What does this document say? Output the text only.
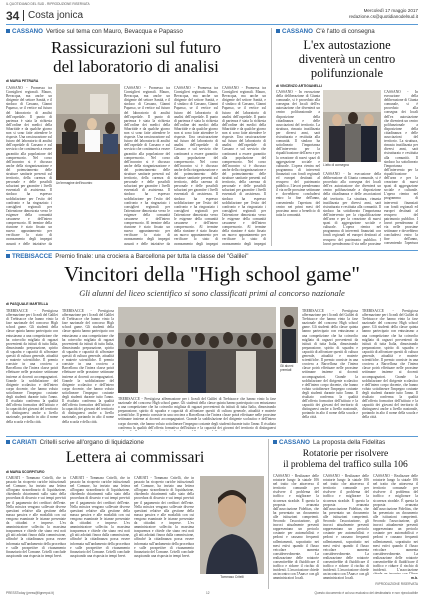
IL QUOTIDIANO DEL SUD - RIPRODUZIONE RISERVATA
34 Costa jonica	Mercoledì 17 maggio 2017
redazione.cs@quotidianodelsud.it
CASSANO Vertice sul tema con Mauro, Bevacqua e Papasso
Rassicurazioni sul futuro
del laboratorio di analisi
di MARIA PETRARA
CASSANO - Promessa tra Consiglieri regionali. Mauro, Bevacqua, ma anche un dirigente del settore Sanità, e il sindaco di Cassano, Gianni Papasso, se il vertice sul futuro del laboratorio di analisi dell'ospedale. Il punto di partenza è stata la richiesta dell'ordine dei medici della Sibaritide e da qualche giorno non si sono fatte attendere le risposte. Una rassicurazione sul futuro del laboratorio di analisi dell'ospedale di Cassano e sul servizio che continuerà a essere garantito alla popolazione del comprensorio. Nel corso dell'incontro si è discusso anche della riorganizzazione e del potenziamento delle strutture sanitarie presenti sul territorio, della carenza di personale e delle possibili soluzioni per garantire i livelli essenziali di assistenza. Il sindaco ha espresso soddisfazione per l'esito del confronto e ha ringraziato i consiglieri regionali per l'attenzione dimostrata verso le esigenze della comunità cassanese e dell'intero comprensorio. Al termine della riunione è stato fissato un nuovo appuntamento per verificare lo stato di avanzamento degli impegni assunti e delle iniziative da
Un'immagine dell'incontro
CASSANO - Promessa tra Consiglieri regionali. Mauro, Bevacqua, ma anche un dirigente del settore Sanità, e il sindaco di Cassano, Gianni Papasso, se il vertice sul futuro del laboratorio di analisi dell'ospedale. Il punto di partenza è stata la richiesta dell'ordine dei medici della Sibaritide e da qualche giorno non si sono fatte attendere le risposte. Una rassicurazione sul futuro del laboratorio di analisi dell'ospedale di Cassano e sul servizio che continuerà a essere garantito alla popolazione del comprensorio. Nel corso dell'incontro si è discusso anche della riorganizzazione e del potenziamento delle strutture sanitarie presenti sul territorio, della carenza di personale e delle possibili soluzioni per garantire i livelli essenziali di assistenza. Il sindaco ha espresso soddisfazione per l'esito del confronto e ha ringraziato i consiglieri regionali per l'attenzione dimostrata verso le esigenze della comunità cassanese e dell'intero comprensorio. Al termine della riunione è stato fissato un nuovo appuntamento per verificare lo stato di avanzamento degli impegni assunti e delle iniziative da
CASSANO - Promessa tra Consiglieri regionali. Mauro, Bevacqua, ma anche un dirigente del settore Sanità, e il sindaco di Cassano, Gianni Papasso, se il vertice sul futuro del laboratorio di analisi dell'ospedale. Il punto di partenza è stata la richiesta dell'ordine dei medici della Sibaritide e da qualche giorno non si sono fatte attendere le risposte. Una rassicurazione sul futuro del laboratorio di analisi dell'ospedale di Cassano e sul servizio che continuerà a essere garantito alla popolazione del comprensorio. Nel corso dell'incontro si è discusso anche della riorganizzazione e del potenziamento delle strutture sanitarie presenti sul territorio, della carenza di personale e delle possibili soluzioni per garantire i livelli essenziali di assistenza. Il sindaco ha espresso soddisfazione per l'esito del confronto e ha ringraziato i consiglieri regionali per l'attenzione dimostrata verso le esigenze della comunità cassanese e dell'intero comprensorio. Al termine della riunione è stato fissato un nuovo appuntamento per verificare lo stato di avanzamento degli impegni
CASSANO - Promessa tra Consiglieri regionali. Mauro, Bevacqua, ma anche un dirigente del settore Sanità, e il sindaco di Cassano, Gianni Papasso, se il vertice sul futuro del laboratorio di analisi dell'ospedale. Il punto di partenza è stata la richiesta dell'ordine dei medici della Sibaritide e da qualche giorno non si sono fatte attendere le risposte. Una rassicurazione sul futuro del laboratorio di analisi dell'ospedale di Cassano e sul servizio che continuerà a essere garantito alla popolazione del comprensorio. Nel corso dell'incontro si è discusso anche della riorganizzazione e del potenziamento delle strutture sanitarie presenti sul territorio, della carenza di personale e delle possibili soluzioni per garantire i livelli essenziali di assistenza. Il sindaco ha espresso soddisfazione per l'esito del confronto e ha ringraziato i consiglieri regionali per l'attenzione dimostrata verso le esigenze della comunità cassanese e dell'intero comprensorio. Al termine della riunione è stato fissato un nuovo appuntamento per verificare lo stato di avanzamento degli impegni
CASSANO C'è l'atto di consegna
L'ex autostazione
diventerà un centro
polifunzionale
di VINCENZO ARTIGIANELLI
CASSANO - In esecuzione della deliberazione di Giunta comunale, si è proceduto alla consegna dei locali dell'ex autostazione che diventerà un centro polifunzionale a disposizione della cittadinanza e delle associazioni del territorio. La struttura, rimasta inutilizzata per diversi anni, sarà ristrutturata e restituita alla comunità. Il sindaco ha sottolineato l'importanza dell'intervento per la riqualificazione dell'area e per la creazione di nuovi spazi di aggregazione sociale e culturale. L'opera rientra nel programma di interventi finanziati con fondi regionali ed europei destinati al recupero del patrimonio pubblico. I lavori prenderanno il via nelle prossime settimane e dovrebbero concludersi entro la fine dell'anno, consentendo l'apertura del centro nei primi mesi del prossimo anno a beneficio di tutta la comunità.
L'atto di consegna
CASSANO - In esecuzione della deliberazione di Giunta comunale, si è proceduto alla consegna dei locali dell'ex autostazione che diventerà un centro polifunzionale a disposizione della cittadinanza e delle associazioni del territorio. La struttura, rimasta inutilizzata per diversi anni, sarà ristrutturata e restituita alla comunità. Il sindaco ha sottolineato l'importanza dell'intervento per la riqualificazione dell'area e per la creazione di nuovi spazi di aggregazione sociale e culturale. L'opera rientra nel programma di interventi finanziati con fondi regionali ed europei destinati al recupero del patrimonio pubblico. I lavori prenderanno il via nelle prossime
CASSANO - In esecuzione della deliberazione di Giunta comunale, si è proceduto alla consegna dei locali dell'ex autostazione che diventerà un centro polifunzionale a disposizione della cittadinanza e delle associazioni del territorio. La struttura, rimasta inutilizzata per diversi anni, sarà ristrutturata e restituita alla comunità. Il sindaco ha sottolineato l'importanza dell'intervento per la riqualificazione dell'area e per la creazione di nuovi spazi di aggregazione sociale e culturale. L'opera rientra nel programma di interventi finanziati con fondi regionali ed europei destinati al recupero del patrimonio pubblico. I lavori prenderanno il via nelle prossime settimane e dovrebbero concludersi entro la fine dell'anno, consentendo l'apertura
TREBISACCE Premio finale: una crociera a Barcellona per tutta la classe del "Galilei"
Vincitori della "High school game"
Gli alunni del liceo scientifico si sono classificati primi al concorso nazionale
di PASQUALE MARTELLA
TREBISACCE - Prestigiosa affermazione per i liceali del Galilei di Trebisacce che hanno vinto la fase nazionale del concorso High school game. Gli studenti della classe quinta hanno partecipato con entusiasmo a una competizione che ha coinvolto migliaia di ragazzi provenienti da istituti di tutta Italia, dimostrando preparazione, spirito di squadra e capacità di affrontare quesiti di cultura generale, attualità e materie scientifiche. Il premio consiste in una crociera a Barcellona che l'intera classe potrà effettuare nelle prossime settimane insieme ai docenti accompagnatori. Grande la soddisfazione del dirigente scolastico e dell'intero corpo docente, che hanno voluto sottolineare l'impegno costante degli studenti durante tutto l'anno. Il risultato conferma la qualità dell'offerta formativa dell'istituto e la capacità dei giovani del territorio di distinguersi anche a livello nazionale, portando in alto il nome della scuola e della città.
TREBISACCE - Prestigiosa affermazione per i liceali del Galilei di Trebisacce che hanno vinto la fase nazionale del concorso High school game. Gli studenti della classe quinta hanno partecipato con entusiasmo a una competizione che ha coinvolto migliaia di ragazzi provenienti da istituti di tutta Italia, dimostrando preparazione, spirito di squadra e capacità di affrontare quesiti di cultura generale, attualità e materie scientifiche. Il premio consiste in una crociera a Barcellona che l'intera classe potrà effettuare nelle prossime settimane insieme ai docenti accompagnatori. Grande la soddisfazione del dirigente scolastico e dell'intero corpo docente, che hanno voluto sottolineare l'impegno costante degli studenti durante tutto l'anno. Il risultato conferma la qualità dell'offerta formativa dell'istituto e la capacità dei giovani del territorio di distinguersi anche a livello nazionale, portando in alto il nome della scuola e della città.
Gli alunni premiati
TREBISACCE - Prestigiosa affermazione per i liceali del Galilei di Trebisacce che hanno vinto la fase nazionale del concorso High school game. Gli studenti della classe quinta hanno partecipato con entusiasmo a una competizione che ha coinvolto migliaia di ragazzi provenienti da istituti di tutta Italia, dimostrando preparazione, spirito di squadra e capacità di affrontare quesiti di cultura generale, attualità e materie scientifiche. Il premio consiste in una crociera a Barcellona che l'intera classe potrà effettuare nelle prossime settimane insieme ai docenti accompagnatori. Grande la soddisfazione del dirigente scolastico e dell'intero corpo docente, che hanno voluto sottolineare l'impegno costante degli studenti durante tutto l'anno. Il risultato conferma la qualità dell'offerta formativa dell'istituto e la capacità dei giovani del territorio di distinguersi
TREBISACCE - Prestigiosa affermazione per i liceali del Galilei di Trebisacce che hanno vinto la fase nazionale del concorso High school game. Gli studenti della classe quinta hanno partecipato con entusiasmo a una competizione che ha coinvolto migliaia di ragazzi provenienti da istituti di tutta Italia, dimostrando preparazione, spirito di squadra e capacità di affrontare quesiti di cultura generale, attualità e materie scientifiche. Il premio consiste in una crociera a Barcellona che l'intera classe potrà effettuare nelle prossime settimane insieme ai docenti accompagnatori. Grande la soddisfazione del dirigente scolastico e dell'intero corpo docente, che hanno voluto sottolineare l'impegno costante degli studenti durante tutto l'anno. Il risultato conferma la qualità dell'offerta formativa dell'istituto e la capacità dei giovani del territorio di distinguersi anche a livello nazionale, portando in alto il nome della scuola e della città.
TREBISACCE - Prestigiosa affermazione per i liceali del Galilei di Trebisacce che hanno vinto la fase nazionale del concorso High school game. Gli studenti della classe quinta hanno partecipato con entusiasmo a una competizione che ha coinvolto migliaia di ragazzi provenienti da istituti di tutta Italia, dimostrando preparazione, spirito di squadra e capacità di affrontare quesiti di cultura generale, attualità e materie scientifiche. Il premio consiste in una crociera a Barcellona che l'intera classe potrà effettuare nelle prossime settimane insieme ai docenti accompagnatori. Grande la soddisfazione del dirigente scolastico e dell'intero corpo docente, che hanno voluto sottolineare l'impegno costante degli studenti durante tutto l'anno. Il risultato conferma la qualità dell'offerta formativa dell'istituto e la capacità dei giovani del territorio di distinguersi anche a livello nazionale, portando in alto il nome della scuola e della città.
CARIATI Critelli scrive all'organo di liquidazione
Lettera ai commissari
di MARIA SCORPITURO
CARIATI - Tommaso Critelli, che in passato ha ricoperto cariche istituzionali nel Comune, ha inviato una lettera all'organo straordinario di liquidazione, chiedendo chiarimenti sullo stato della procedura di dissesto e sui tempi previsti per il pagamento dei creditori dell'ente. Nella missiva vengono sollevate diverse questioni relative alla gestione della massa passiva e alle modalità con cui vengono esaminate le istanze presentate da cittadini e imprese. L'ex amministratore sollecita la massima trasparenza e chiede che siano resi noti gli atti adottati finora dalla commissione, affinché la cittadinanza possa essere informata sull'andamento della procedura e sulle prospettive di risanamento finanziario del Comune. Critelli conclude auspicando una risposta in tempi brevi.
CARIATI - Tommaso Critelli, che in passato ha ricoperto cariche istituzionali nel Comune, ha inviato una lettera all'organo straordinario di liquidazione, chiedendo chiarimenti sullo stato della procedura di dissesto e sui tempi previsti per il pagamento dei creditori dell'ente. Nella missiva vengono sollevate diverse questioni relative alla gestione della massa passiva e alle modalità con cui vengono esaminate le istanze presentate da cittadini e imprese. L'ex amministratore sollecita la massima trasparenza e chiede che siano resi noti gli atti adottati finora dalla commissione, affinché la cittadinanza possa essere informata sull'andamento della procedura e sulle prospettive di risanamento finanziario del Comune. Critelli conclude auspicando una risposta in tempi brevi.
CARIATI - Tommaso Critelli, che in passato ha ricoperto cariche istituzionali nel Comune, ha inviato una lettera all'organo straordinario di liquidazione, chiedendo chiarimenti sullo stato della procedura di dissesto e sui tempi previsti per il pagamento dei creditori dell'ente. Nella missiva vengono sollevate diverse questioni relative alla gestione della massa passiva e alle modalità con cui vengono esaminate le istanze presentate da cittadini e imprese. L'ex amministratore sollecita la massima trasparenza e chiede che siano resi noti gli atti adottati finora dalla commissione, affinché la cittadinanza possa essere informata sull'andamento della procedura e sulle prospettive di risanamento finanziario del Comune. Critelli conclude auspicando una risposta in tempi brevi.
Tommaso Critelli
CASSANO La proposta della Fidelitas
Rotatorie per risolvere
il problema del traffico sulla 106
CASSANO - Realizzare delle rotatorie lungo la statale 106 nel tratto che attraversa il territorio comunale per risolvere il problema del traffico e migliorare la sicurezza stradale. È questa la proposta avanzata dall'associazione Fidelitas, che ha presentato un documento alle istituzioni competenti. Secondo l'associazione, gli incroci attualmente presenti rappresentano un pericolo costante per automobilisti e pedoni e causano frequenti rallentamenti, soprattutto nei mesi estivi quando il flusso veicolare aumenta considerevolmente. La realizzazione delle rotatorie consentirebbe di fluidificare il traffico e ridurre il rischio di incidenti. L'associazione chiede un incontro con l'Anas e con gli amministratori locali.
CASSANO - Realizzare delle rotatorie lungo la statale 106 nel tratto che attraversa il territorio comunale per risolvere il problema del traffico e migliorare la sicurezza stradale. È questa la proposta avanzata dall'associazione Fidelitas, che ha presentato un documento alle istituzioni competenti. Secondo l'associazione, gli incroci attualmente presenti rappresentano un pericolo costante per automobilisti e pedoni e causano frequenti rallentamenti, soprattutto nei mesi estivi quando il flusso veicolare aumenta considerevolmente. La realizzazione delle rotatorie consentirebbe di fluidificare il traffico e ridurre il rischio di incidenti. L'associazione chiede un incontro con l'Anas e con gli amministratori locali.
CASSANO - Realizzare delle rotatorie lungo la statale 106 nel tratto che attraversa il territorio comunale per risolvere il problema del traffico e migliorare la sicurezza stradale. È questa la proposta avanzata dall'associazione Fidelitas, che ha presentato un documento alle istituzioni competenti. Secondo l'associazione, gli incroci attualmente presenti rappresentano un pericolo costante per automobilisti e pedoni e causano frequenti rallentamenti, soprattutto nei mesi estivi quando il flusso veicolare aumenta considerevolmente. La realizzazione delle rotatorie consentirebbe di fluidificare il traffico e ridurre il rischio di incidenti. L'associazione
m.b.
RIPRODUZIONE RISERVATA
PRESSToday (press@lignerpoi.it)	12	Questo documento è ad uso esclusivo del destinatario e non riproducibile
